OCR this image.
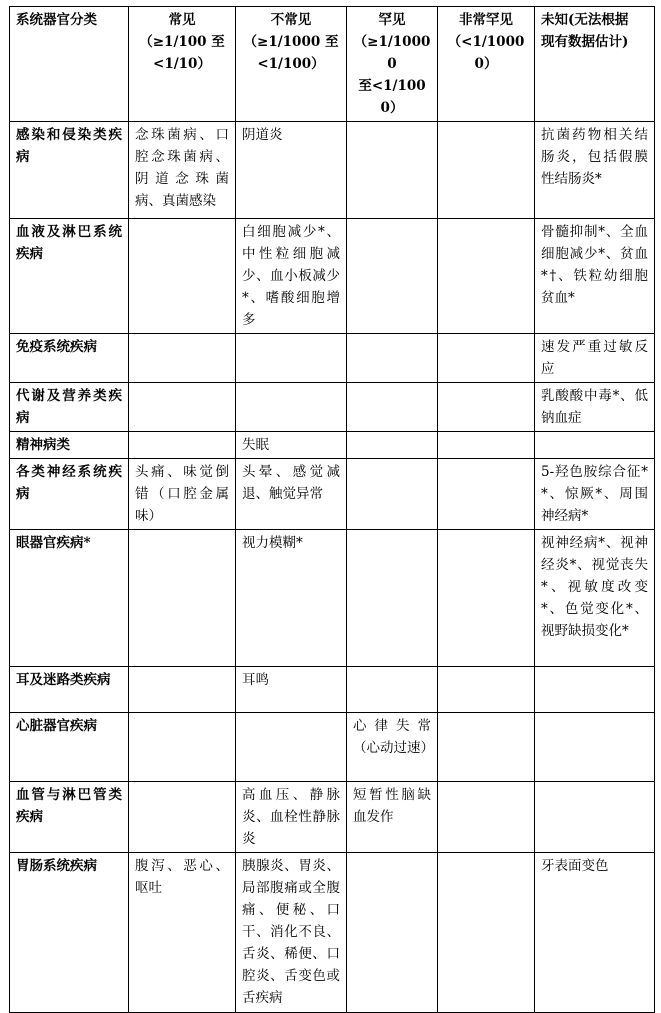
系统器官分类	常见
（≥1/100 至
<1/10）	不常见
（≥1/1000 至
<1/100）	罕见
（≥1/10000
至<1/1000）	非常罕见
（<1/10000）	未知(无法根据
现有数据估计)
感染和侵染类疾病	念珠菌病、口腔念珠菌病、阴道念珠菌病、真菌感染	阴道炎			抗菌药物相关结肠炎，包括假膜性结肠炎*
血液及淋巴系统疾病		白细胞减少*、中性粒细胞减少、血小板减少*、嗜酸细胞增多			骨髓抑制*、全血细胞减少*、贫血*†、铁粒幼细胞贫血*
免疫系统疾病					速发严重过敏反应
代谢及营养类疾病					乳酸酸中毒*、低钠血症
精神病类		失眠			
各类神经系统疾病	头痛、味觉倒错（口腔金属味）	头晕、感觉减退、触觉异常			5-羟色胺综合征**、惊厥*、周围神经病*
眼器官疾病*		视力模糊*			视神经病*、视神经炎*、视觉丧失*、视敏度改变*、色觉变化*、视野缺损变化*
耳及迷路类疾病		耳鸣			
心脏器官疾病			心律失常（心动过速）		
血管与淋巴管类疾病		高血压、静脉炎、血栓性静脉炎	短暂性脑缺血发作		
胃肠系统疾病	腹泻、恶心、呕吐	胰腺炎、胃炎、局部腹痛或全腹痛、便秘、口干、消化不良、舌炎、稀便、口腔炎、舌变色或舌疾病			牙表面变色
